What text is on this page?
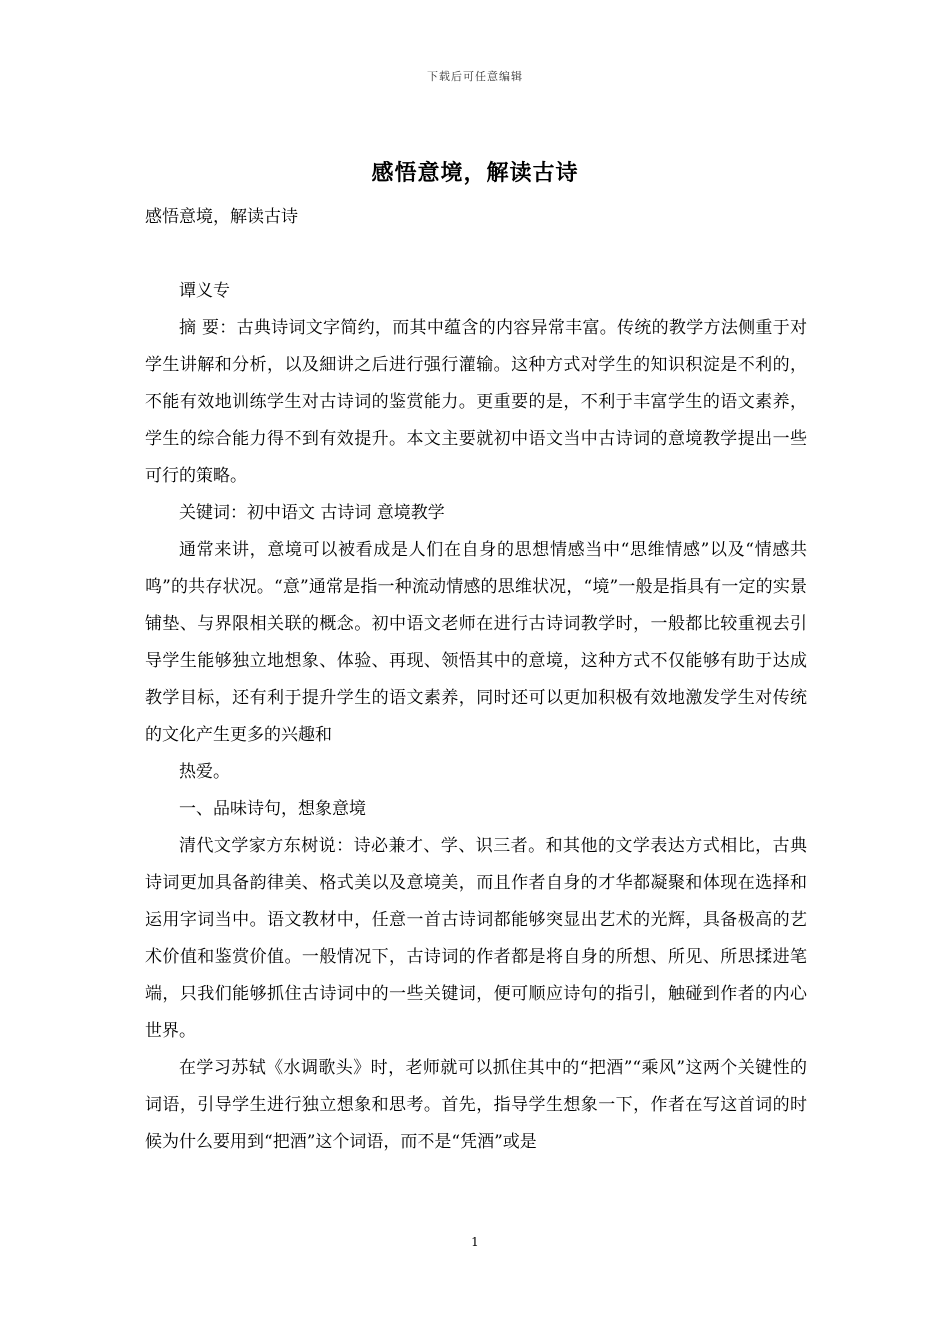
下载后可任意编辑
感悟意境，解读古诗
感悟意境，解读古诗

谭义专

摘 要：古典诗词文字简约，而其中蕴含的内容异常丰富。传统的教学方法侧重于对学生讲解和分析，以及細讲之后进行强行灌输。这种方式对学生的知识积淀是不利的，不能有效地训练学生对古诗词的鉴赏能力。更重要的是，不利于丰富学生的语文素养，学生的综合能力得不到有效提升。本文主要就初中语文当中古诗词的意境教学提出一些可行的策略。

关键词：初中语文 古诗词 意境教学

通常来讲，意境可以被看成是人们在自身的思想情感当中“思维情感”以及“情感共鸣”的共存状况。“意”通常是指一种流动情感的思维状况，“境”一般是指具有一定的实景铺垫、与界限相关联的概念。初中语文老师在进行古诗词教学时，一般都比较重视去引导学生能够独立地想象、体验、再现、领悟其中的意境，这种方式不仅能够有助于达成教学目标，还有利于提升学生的语文素养，同时还可以更加积极有效地激发学生对传统的文化产生更多的兴趣和

热爱。

一、品味诗句，想象意境

清代文学家方东树说：诗必兼才、学、识三者。和其他的文学表达方式相比，古典诗词更加具备韵律美、格式美以及意境美，而且作者自身的才华都凝聚和体现在选择和运用字词当中。语文教材中，任意一首古诗词都能够突显出艺术的光辉，具备极高的艺术价值和鉴赏价值。一般情况下，古诗词的作者都是将自身的所想、所见、所思揉进笔端，只我们能够抓住古诗词中的一些关键词，便可顺应诗句的指引，触碰到作者的内心世界。

在学习苏轼《水调歌头》时，老师就可以抓住其中的“把酒”“乘风”这两个关键性的词语，引导学生进行独立想象和思考。首先，指导学生想象一下，作者在写这首词的时候为什么要用到“把酒”这个词语，而不是“凭酒”或是

1
